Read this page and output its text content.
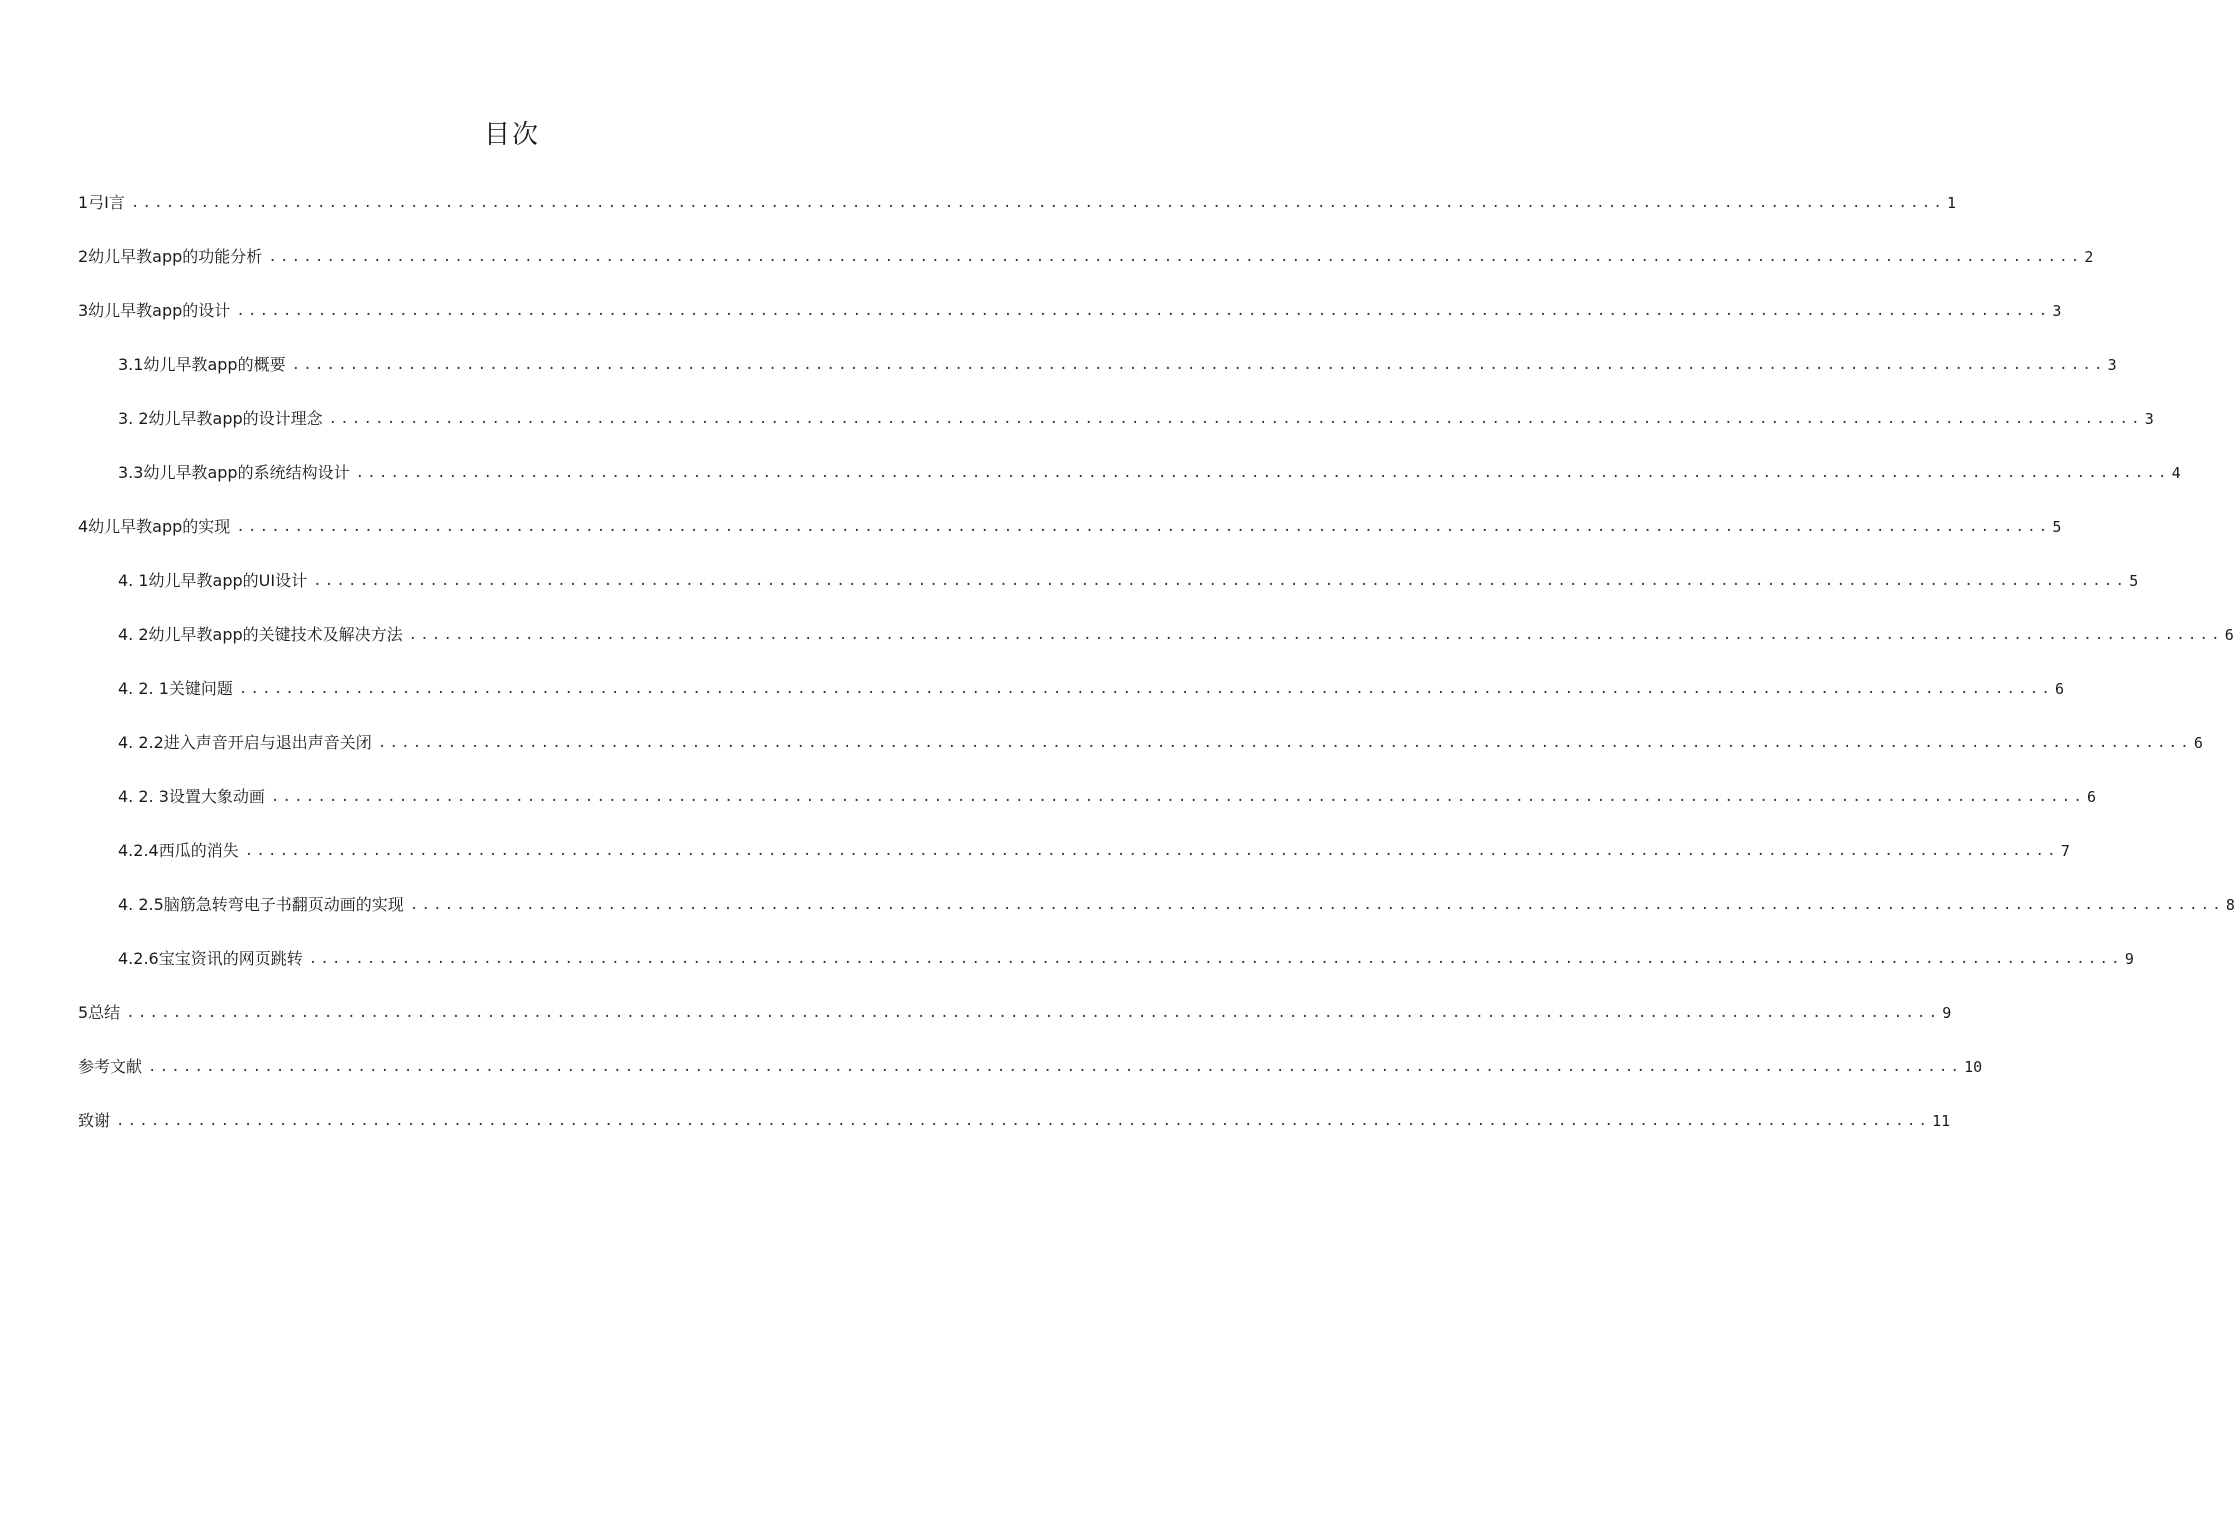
目次
1弓I言 ............................................................................................................................................................ 1
2幼儿早教app的功能分析 ............................................................................................................................................................ 2
3幼儿早教app的设计 ............................................................................................................................................................ 3
3.1幼儿早教app的概要 ............................................................................................................................................................ 3
3. 2幼儿早教app的设计理念 ............................................................................................................................................................ 3
3.3幼儿早教app的系统结构设计 ............................................................................................................................................................ 4
4幼儿早教app的实现 ............................................................................................................................................................ 5
4. 1幼儿早教app的UI设计 ............................................................................................................................................................ 5
4. 2幼儿早教app的关键技术及解决方法 ............................................................................................................................................................ 6
4. 2. 1关键问题 ............................................................................................................................................................ 6
4. 2.2进入声音开启与退出声音关闭 ............................................................................................................................................................ 6
4. 2. 3设置大象动画 ............................................................................................................................................................ 6
4.2.4西瓜的消失 ............................................................................................................................................................ 7
4. 2.5脑筋急转弯电子书翻页动画的实现 ............................................................................................................................................................ 8
4.2.6宝宝资讯的网页跳转 ............................................................................................................................................................ 9
5总结 ............................................................................................................................................................ 9
参考文献 ............................................................................................................................................................ 10
致谢 ............................................................................................................................................................ 11
